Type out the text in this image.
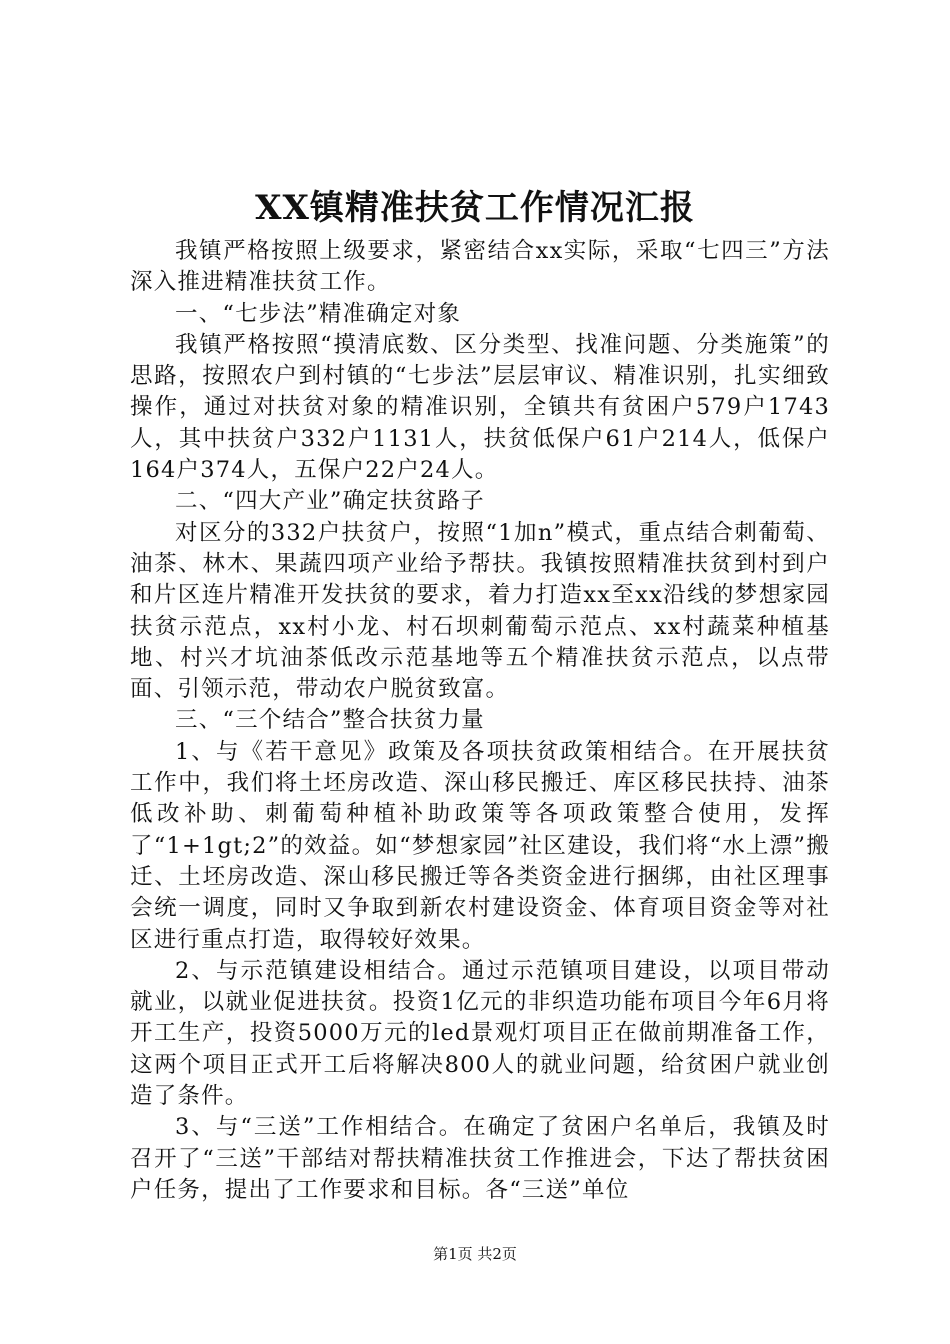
XX镇精准扶贫工作情况汇报

我镇严格按照上级要求，紧密结合xx实际，采取“七四三”方法深入推进精准扶贫工作。

一、“七步法”精准确定对象

我镇严格按照“摸清底数、区分类型、找准问题、分类施策”的思路，按照农户到村镇的“七步法”层层审议、精准识别，扎实细致操作，通过对扶贫对象的精准识别，全镇共有贫困户579户1743人，其中扶贫户332户1131人，扶贫低保户61户214人，低保户164户374人，五保户22户24人。

二、“四大产业”确定扶贫路子

对区分的332户扶贫户，按照“1加n”模式，重点结合刺葡萄、油茶、林木、果蔬四项产业给予帮扶。我镇按照精准扶贫到村到户和片区连片精准开发扶贫的要求，着力打造xx至xx沿线的梦想家园扶贫示范点，xx村小龙、村石坝刺葡萄示范点、xx村蔬菜种植基地、村兴才坑油茶低改示范基地等五个精准扶贫示范点，以点带面、引领示范，带动农户脱贫致富。

三、“三个结合”整合扶贫力量

1、与《若干意见》政策及各项扶贫政策相结合。在开展扶贫工作中，我们将土坯房改造、深山移民搬迁、库区移民扶持、油茶低改补助、刺葡萄种植补助政策等各项政策整合使用，发挥了“1+1gt;2”的效益。如“梦想家园”社区建设，我们将“水上漂”搬迁、土坯房改造、深山移民搬迁等各类资金进行捆绑，由社区理事会统一调度，同时又争取到新农村建设资金、体育项目资金等对社区进行重点打造，取得较好效果。

2、与示范镇建设相结合。通过示范镇项目建设，以项目带动就业，以就业促进扶贫。投资1亿元的非织造功能布项目今年6月将开工生产，投资5000万元的led景观灯项目正在做前期准备工作，这两个项目正式开工后将解决800人的就业问题，给贫困户就业创造了条件。

3、与“三送”工作相结合。在确定了贫困户名单后，我镇及时召开了“三送”干部结对帮扶精准扶贫工作推进会，下达了帮扶贫困户任务，提出了工作要求和目标。各“三送”单位

第1页 共2页
